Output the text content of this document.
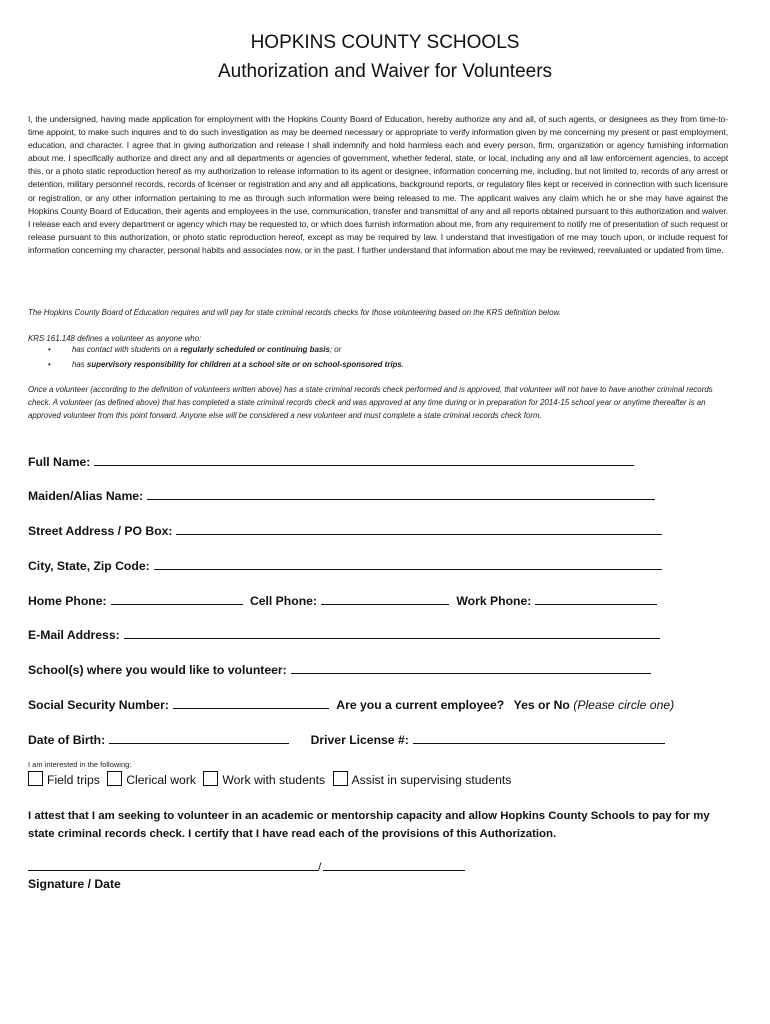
HOPKINS COUNTY SCHOOLS
Authorization and Waiver for Volunteers

I, the undersigned, having made application for employment with the Hopkins County Board of Education, hereby authorize any and all, of such agents, or designees as they from time-to-time appoint, to make such inquires and to do such investigation as may be deemed necessary or appropriate to verify information given by me concerning my present or past employment, education, and character. I agree that in giving authorization and release I shall indemnify and hold harmless each and every person, firm, organization or agency furnishing information about me. I specifically authorize and direct any and all departments or agencies of government, whether federal, state, or local, including any and all law enforcement agencies, to accept this, or a photo static reproduction hereof as my authorization to release information to its agent or designee, information concerning me, including, but not limited to, records of any arrest or detention, military personnel records, records of licenser or registration and any and all applications, background reports, or regulatory files kept or received in connection with such licensure or registration, or any other information pertaining to me as through such information were being released to me. The applicant waives any claim which he or she may have against the Hopkins County Board of Education, their agents and employees in the use, communication, transfer and transmittal of any and all reports obtained pursuant to this authorization and waiver. I release each and every department or agency which may be requested to, or which does furnish information about me, from any requirement to notify me of presentation of such request or release pursuant to this authorization, or photo static reproduction hereof, except as may be required by law. I understand that investigation of me may touch upon, or include request for information concerning my character, personal habits and associates now, or in the past. I further understand that information about me may be reviewed, reevaluated or updated from time.

The Hopkins County Board of Education requires and will pay for state criminal records checks for those volunteering based on the KRS definition below.

KRS 161.148 defines a volunteer as anyone who:

•	has contact with students on a regularly scheduled or continuing basis; or
•	has supervisory responsibility for children at a school site or on school-sponsored trips.

Once a volunteer (according to the definition of volunteers written above) has a state criminal records check performed and is approved, that volunteer will not have to have another criminal records check. A volunteer (as defined above) that has completed a state criminal records check and was approved at any time during or in preparation for 2014-15 school year or anytime thereafter is an approved volunteer from this point forward. Anyone else will be considered a new volunteer and must complete a state criminal records check form.

Full Name:
Maiden/Alias Name:
Street Address / PO Box:
City, State, Zip Code:
Home Phone:	Cell Phone:	Work Phone:
E-Mail Address:
School(s) where you would like to volunteer:
Social Security Number:	Are you a current employee? Yes or No (Please circle one)
Date of Birth:	Driver License #:
I am interested in the following:
Field trips Clerical work Work with students Assist in supervising students

I attest that I am seeking to volunteer in an academic or mentorship capacity and allow Hopkins County Schools to pay for my state criminal records check. I certify that I have read each of the provisions of this Authorization.

/
Signature / Date
